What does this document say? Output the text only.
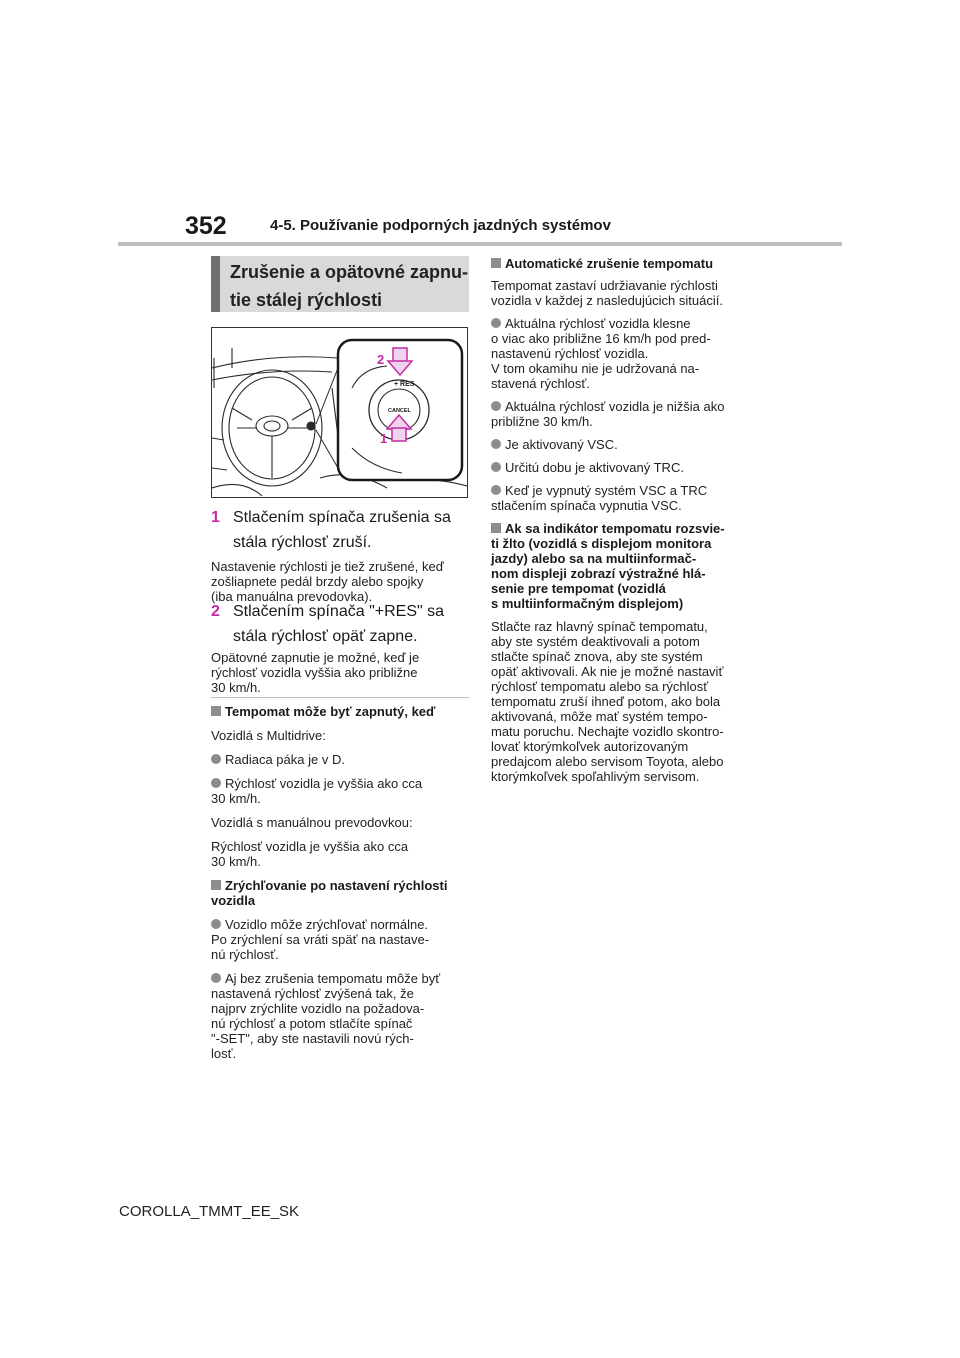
352	4-5. Používanie podporných jazdných systémov
Zrušenie a opätovné zapnu-
tie stálej rýchlosti
+ RES
CANCEL
2
1
1 Stlačením spínača zrušenia sa
stála rýchlosť zruší.
Nastavenie rýchlosti je tiež zrušené, keď
zošliapnete pedál brzdy alebo spojky
(iba manuálna prevodovka).
2 Stlačením spínača "+RES" sa
stála rýchlosť opäť zapne.
Opätovné zapnutie je možné, keď je
rýchlosť vozidla vyššia ako približne
30 km/h.
Tempomat môže byť zapnutý, keď
Vozidlá s Multidrive:
Radiaca páka je v D.
Rýchlosť vozidla je vyššia ako cca
30 km/h.
Vozidlá s manuálnou prevodovkou:
Rýchlosť vozidla je vyššia ako cca
30 km/h.
Zrýchľovanie po nastavení rýchlosti
vozidla
Vozidlo môže zrýchľovať normálne.
Po zrýchlení sa vráti späť na nastave-
nú rýchlosť.
Aj bez zrušenia tempomatu môže byť
nastavená rýchlosť zvýšená tak, že
najprv zrýchlite vozidlo na požadova-
nú rýchlosť a potom stlačíte spínač
"-SET", aby ste nastavili novú rých-
losť.
Automatické zrušenie tempomatu
Tempomat zastaví udržiavanie rýchlosti
vozidla v každej z nasledujúcich situácií.
Aktuálna rýchlosť vozidla klesne
o viac ako približne 16 km/h pod pred-
nastavenú rýchlosť vozidla.
V tom okamihu nie je udržovaná na-
stavená rýchlosť.
Aktuálna rýchlosť vozidla je nižšia ako
približne 30 km/h.
Je aktivovaný VSC.
Určitú dobu je aktivovaný TRC.
Keď je vypnutý systém VSC a TRC
stlačením spínača vypnutia VSC.
Ak sa indikátor tempomatu rozsvie-
ti žlto (vozidlá s displejom monitora
jazdy) alebo sa na multiinformač-
nom displeji zobrazí výstražné hlá-
senie pre tempomat (vozidlá
s multiinformačným displejom)
Stlačte raz hlavný spínač tempomatu,
aby ste systém deaktivovali a potom
stlačte spínač znova, aby ste systém
opäť aktivovali. Ak nie je možné nastaviť
rýchlosť tempomatu alebo sa rýchlosť
tempomatu zruší ihneď potom, ako bola
aktivovaná, môže mať systém tempo-
matu poruchu. Nechajte vozidlo skontro-
lovať ktorýmkoľvek autorizovaným
predajcom alebo servisom Toyota, alebo
ktorýmkoľvek spoľahlivým servisom.
COROLLA_TMMT_EE_SK
